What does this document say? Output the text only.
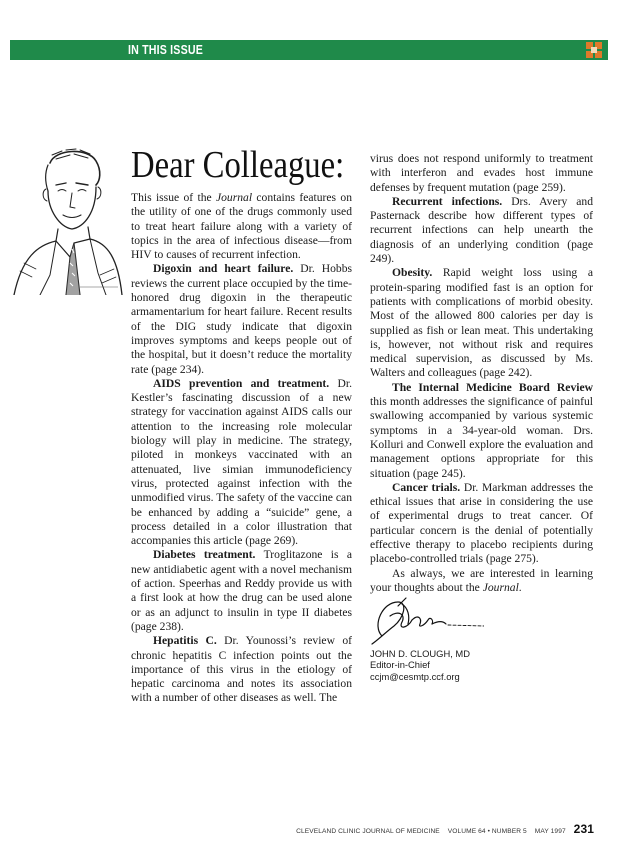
IN THIS ISSUE
Dear Colleague:

This issue of the Journal contains features on the utility of one of the drugs commonly used to treat heart failure along with a variety of topics in the area of infectious disease—from HIV to causes of recurrent infection.

Digoxin and heart failure. Dr. Hobbs reviews the current place occupied by the time-honored drug digoxin in the therapeutic armamentarium for heart failure. Recent results of the DIG study indicate that digoxin improves symptoms and keeps people out of the hospital, but it doesn’t reduce the mortality rate (page 234).

AIDS prevention and treatment. Dr. Kestler’s fascinating discussion of a new strategy for vaccination against AIDS calls our attention to the increasing role molecular biology will play in medicine. The strategy, piloted in monkeys vaccinated with an attenuated, live simian immunodeficiency virus, protected against infection with the unmodified virus. The safety of the vaccine can be enhanced by adding a “suicide” gene, a process detailed in a color illustration that accompanies this article (page 269).

Diabetes treatment. Troglitazone is a new antidiabetic agent with a novel mechanism of action. Speerhas and Reddy provide us with a first look at how the drug can be used alone or as an adjunct to insulin in type II diabetes (page 238).

Hepatitis C. Dr. Younossi’s review of chronic hepatitis C infection points out the importance of this virus in the etiology of hepatic carcinoma and notes its association with a number of other diseases as well. The

virus does not respond uniformly to treatment with interferon and evades host immune defenses by frequent mutation (page 259).

Recurrent infections. Drs. Avery and Pasternack describe how different types of recurrent infections can help unearth the diagnosis of an underlying condition (page 249).

Obesity. Rapid weight loss using a protein-sparing modified fast is an option for patients with complications of morbid obesity. Most of the allowed 800 calories per day is supplied as fish or lean meat. This undertaking is, however, not without risk and requires medical supervision, as discussed by Ms. Walters and colleagues (page 242).

The Internal Medicine Board Review this month addresses the significance of painful swallowing accompanied by various systemic symptoms in a 34-year-old woman. Drs. Kolluri and Conwell explore the evaluation and management options appropriate for this situation (page 245).

Cancer trials. Dr. Markman addresses the ethical issues that arise in considering the use of experimental drugs to treat cancer. Of particular concern is the denial of potentially effective therapy to placebo recipients during placebo-controlled trials (page 275).

As always, we are interested in learning your thoughts about the Journal.

JOHN D. CLOUGH, MD
Editor-in-Chief
ccjm@cesmtp.ccf.org
CLEVELAND CLINIC JOURNAL OF MEDICINE VOLUME 64 • NUMBER 5 MAY 1997 231
